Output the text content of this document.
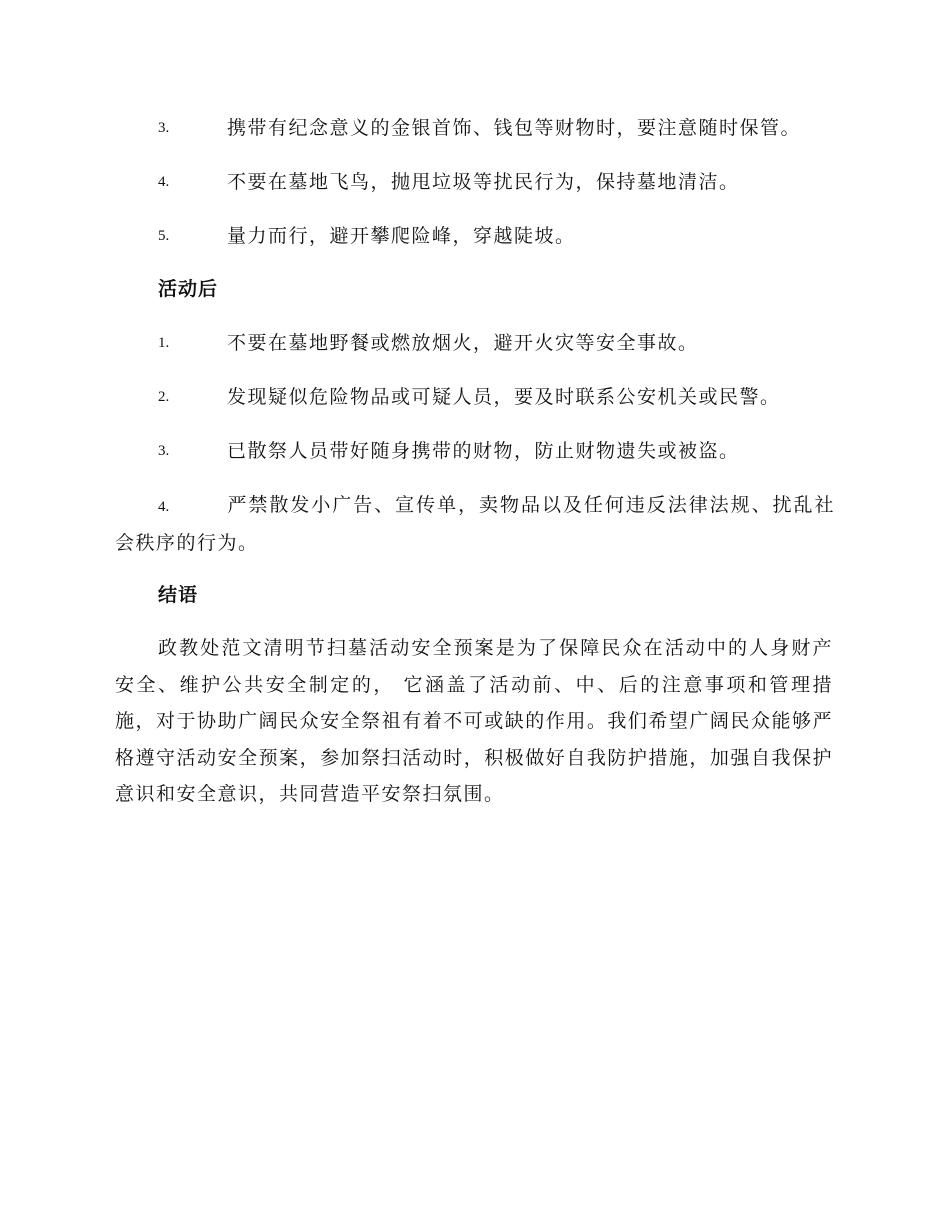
3.	携带有纪念意义的金银首饰、钱包等财物时，要注意随时保管。
4.	不要在墓地飞鸟，抛甩垃圾等扰民行为，保持墓地清洁。
5.	量力而行，避开攀爬险峰，穿越陡坡。
活动后
1.	不要在墓地野餐或燃放烟火，避开火灾等安全事故。
2.	发现疑似危险物品或可疑人员，要及时联系公安机关或民警。
3.	已散祭人员带好随身携带的财物，防止财物遗失或被盗。
4.	严禁散发小广告、宣传单，卖物品以及任何违反法律法规、扰乱社会秩序的行为。
结语
政教处范文清明节扫墓活动安全预案是为了保障民众在活动中的人身财产安全、维护公共安全制定的， 它涵盖了活动前、中、后的注意事项和管理措施，对于协助广阔民众安全祭祖有着不可或缺的作用。我们希望广阔民众能够严格遵守活动安全预案，参加祭扫活动时，积极做好自我防护措施，加强自我保护意识和安全意识，共同营造平安祭扫氛围。
